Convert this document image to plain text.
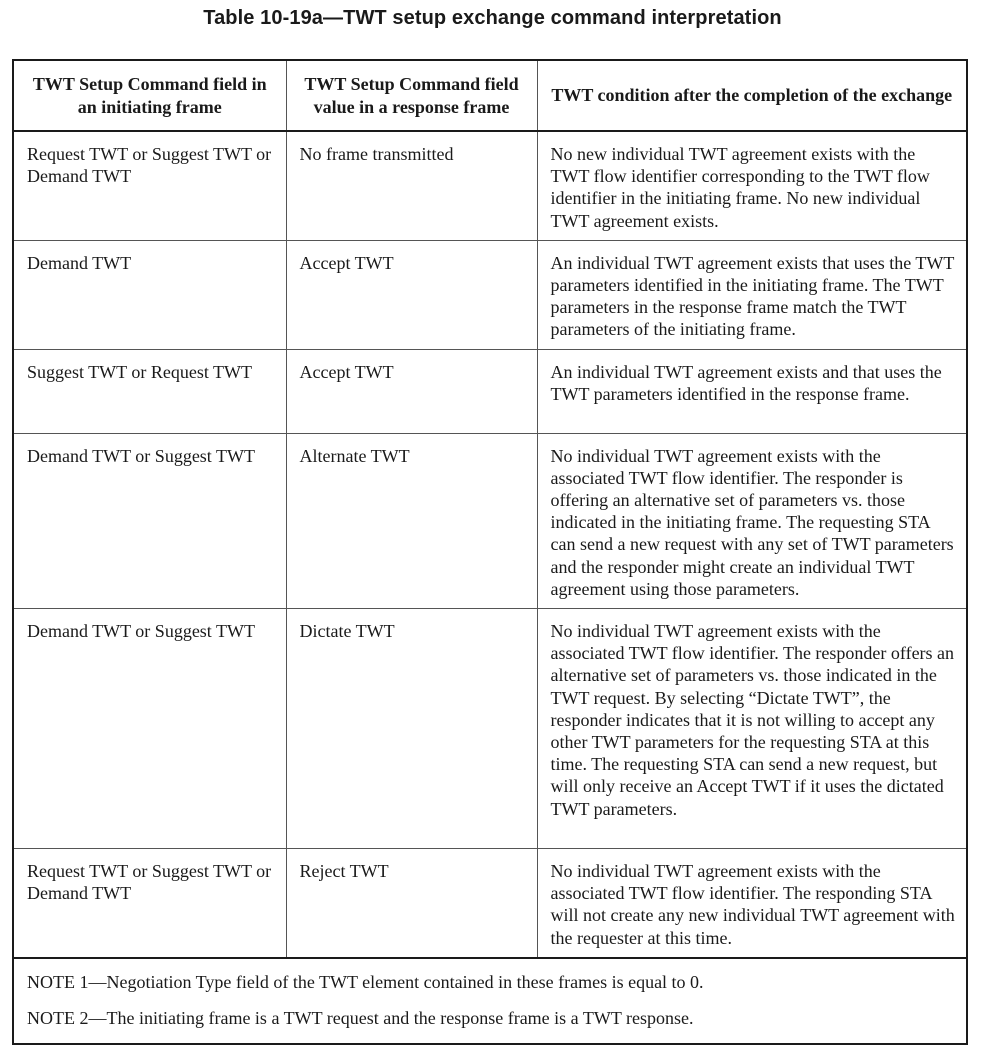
Table 10-19a—TWT setup exchange command interpretation
TWT Setup Command field in an initiating frame	TWT Setup Command field value in a response frame	TWT condition after the completion of the exchange
Request TWT or Suggest TWT or Demand TWT	No frame transmitted	No new individual TWT agreement exists with the TWT flow identifier corresponding to the TWT flow identifier in the initiating frame. No new individual TWT agreement exists.
Demand TWT	Accept TWT	An individual TWT agreement exists that uses the TWT parameters identified in the initiating frame. The TWT parameters in the response frame match the TWT parameters of the initiating frame.
Suggest TWT or Request TWT	Accept TWT	An individual TWT agreement exists and that uses the TWT parameters identified in the response frame.
Demand TWT or Suggest TWT	Alternate TWT	No individual TWT agreement exists with the associated TWT flow identifier. The responder is offering an alternative set of parameters vs. those indicated in the initiating frame. The requesting STA can send a new request with any set of TWT parameters and the responder might create an individual TWT agreement using those parameters.
Demand TWT or Suggest TWT	Dictate TWT	No individual TWT agreement exists with the associated TWT flow identifier. The responder offers an alternative set of parameters vs. those indicated in the TWT request. By selecting “Dictate TWT”, the responder indicates that it is not willing to accept any other TWT parameters for the requesting STA at this time. The requesting STA can send a new request, but will only receive an Accept TWT if it uses the dictated TWT parameters.
Request TWT or Suggest TWT or Demand TWT	Reject TWT	No individual TWT agreement exists with the associated TWT flow identifier. The responding STA will not create any new individual TWT agreement with the requester at this time.
NOTE 1—Negotiation Type field of the TWT element contained in these frames is equal to 0.
NOTE 2—The initiating frame is a TWT request and the response frame is a TWT response.
